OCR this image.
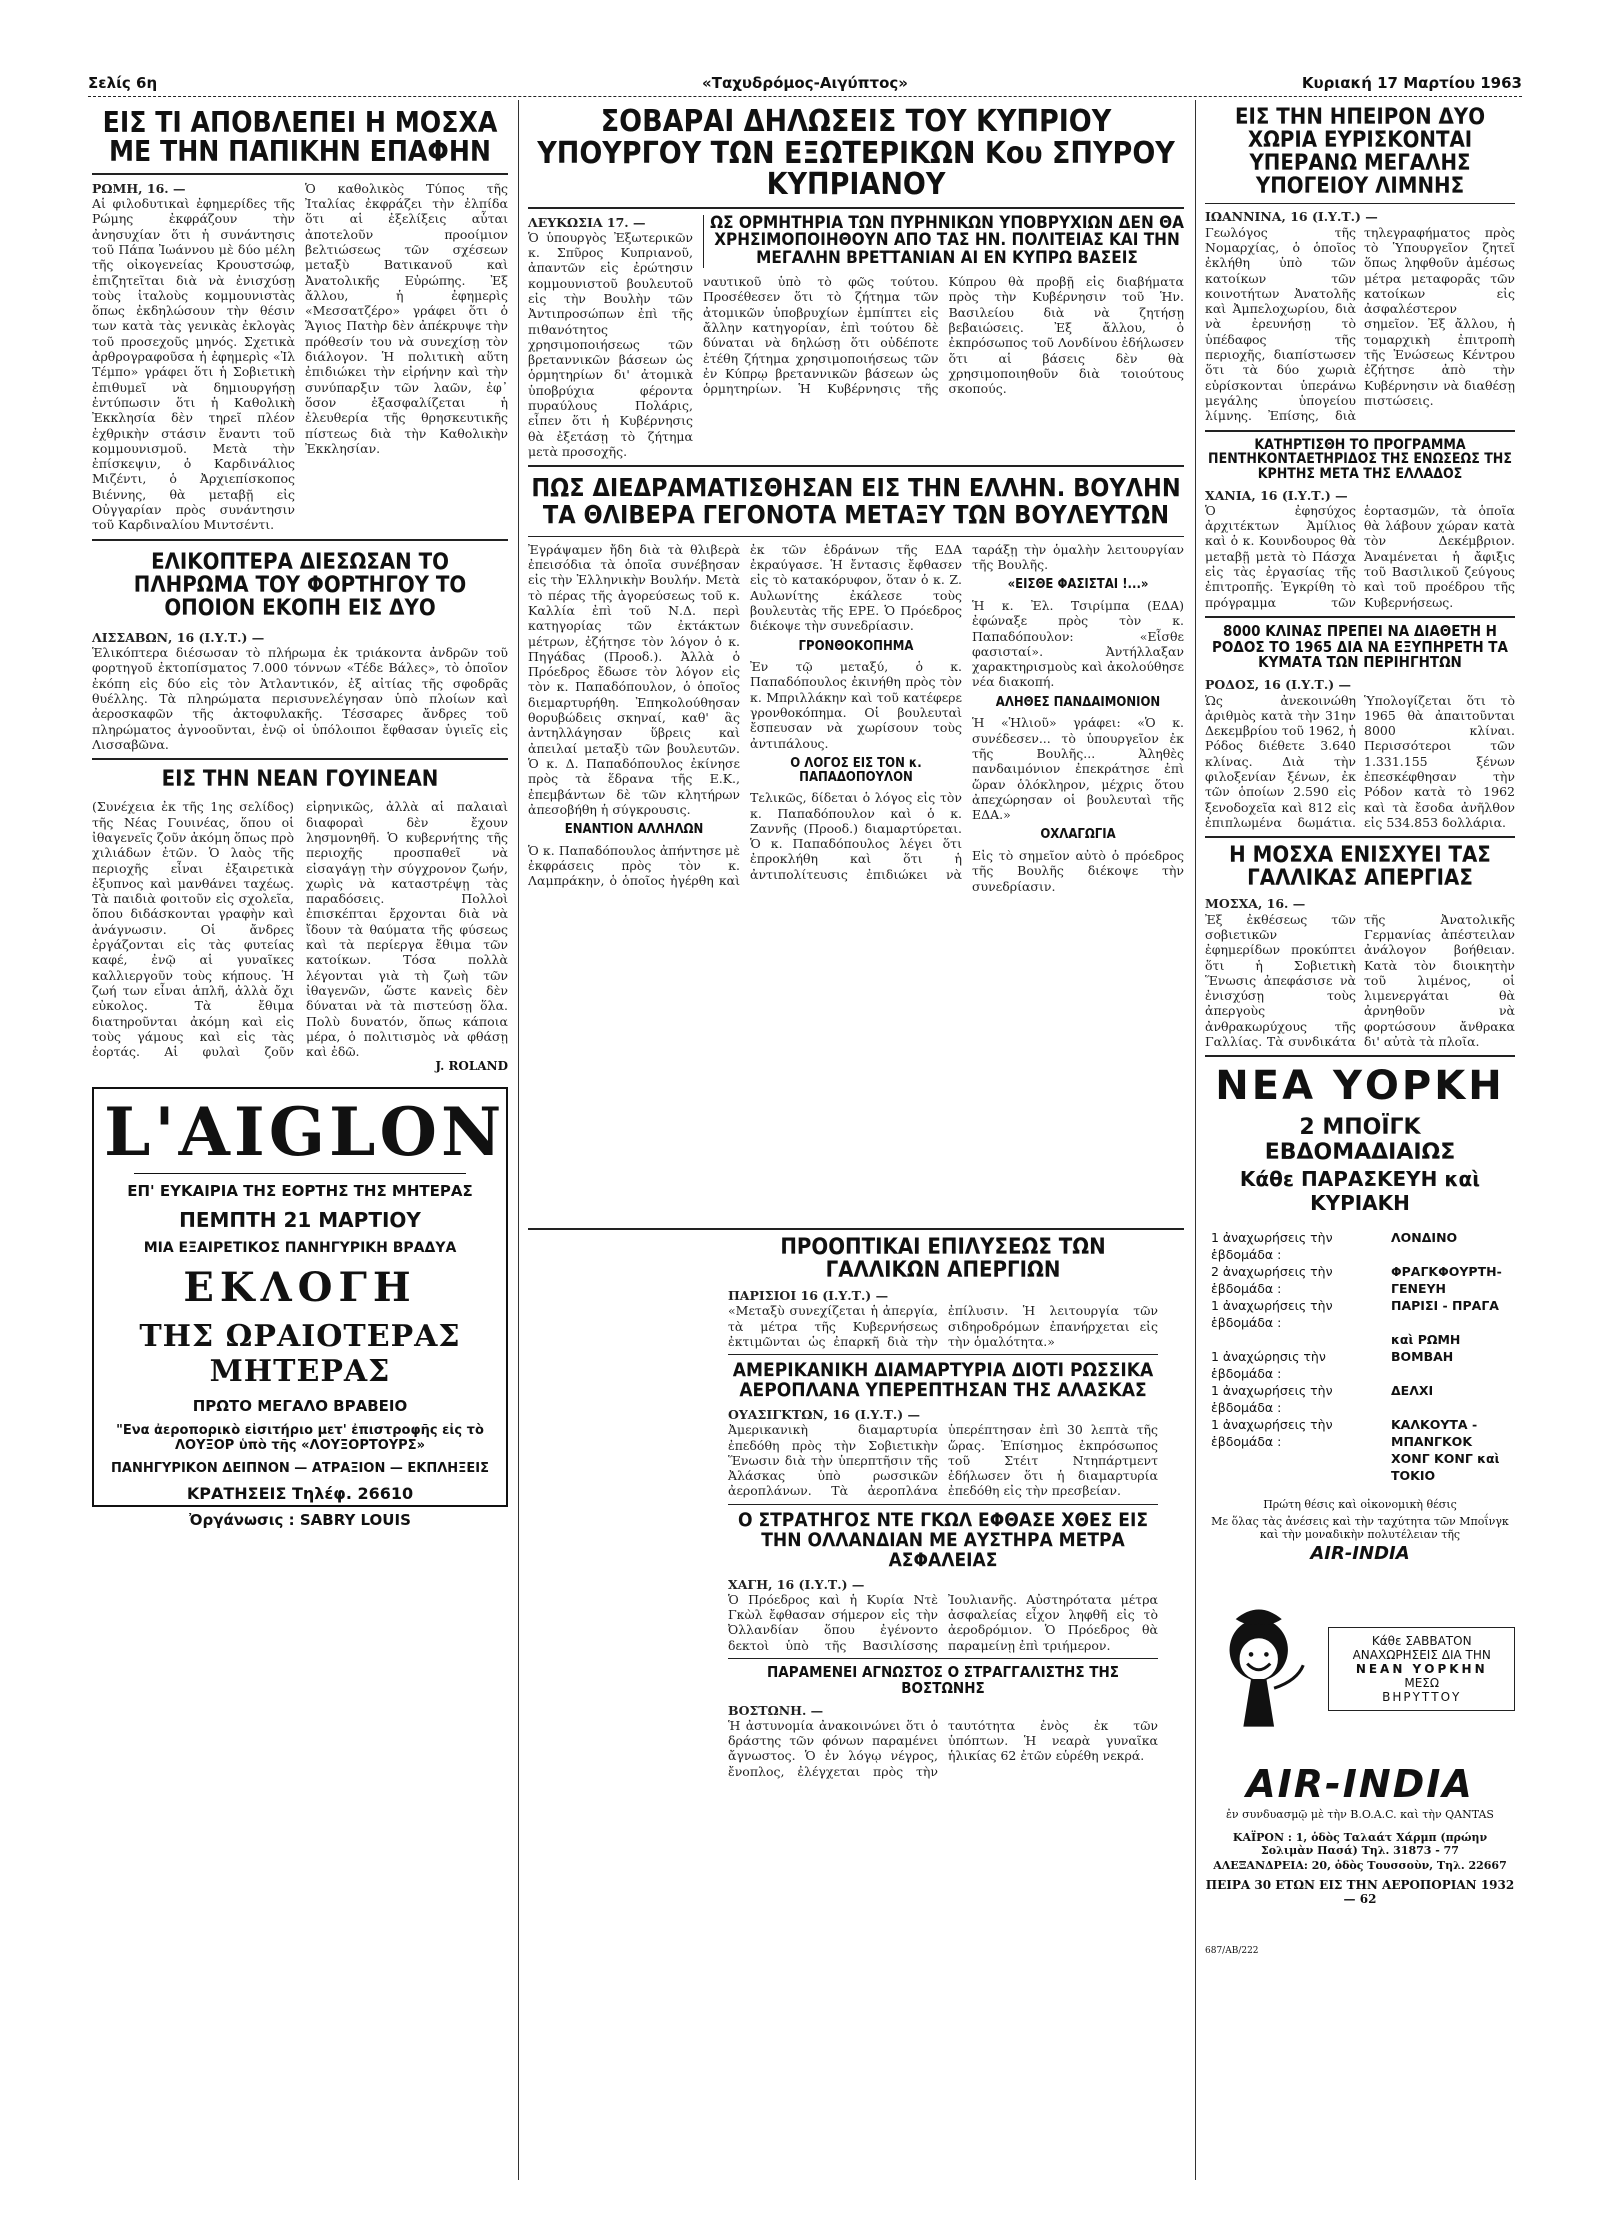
Σελίς 6η	«Ταχυδρόμος-Αιγύπτος»	Κυριακή 17 Μαρτίου 1963
ΕΙΣ ΤΙ ΑΠΟΒΛΕΠΕΙ Η ΜΟΣΧΑ ΜΕ ΤΗΝ ΠΑΠΙΚΗΝ ΕΠΑΦΗΝ

ΡΩΜΗ, 16. —

Αἱ φιλοδυτικαὶ ἐφημερίδες τῆς Ρώμης ἐκφράζουν τὴν ἀνησυχίαν ὅτι ἡ συνάντησις τοῦ Πάπα Ἰωάννου μὲ δύο μέλη τῆς οἰκογενείας Κρουστσώφ, ἐπιζητεῖται διὰ νὰ ἐνισχύσῃ τοὺς ἰταλοὺς κομμουνιστὰς ὅπως ἐκδηλώσουν τὴν θέσιν των κατὰ τὰς γενικὰς ἐκλογὰς τοῦ προσεχοῦς μηνός. Σχετικὰ ἀρθρογραφοῦσα ἡ ἐφημερὶς «Ἰλ Τέμπο» γράφει ὅτι ἡ Σοβιετικὴ ἐπιθυμεῖ νὰ δημιουργήσῃ ἐντύπωσιν ὅτι ἡ Καθολικὴ Ἐκκλησία δὲν τηρεῖ πλέον ἐχθρικὴν στάσιν ἔναντι τοῦ κομμουνισμοῦ. Μετὰ τὴν ἐπίσκεψιν, ὁ Καρδινάλιος Μιζέντι, ὁ Ἀρχιεπίσκοπος Βιέννης, θὰ μεταβῇ εἰς Οὐγγαρίαν πρὸς συνάντησιν τοῦ Καρδιναλίου Μιντσέντι.

Ὁ καθολικὸς Τύπος τῆς Ἰταλίας ἐκφράζει τὴν ἐλπίδα ὅτι αἱ ἐξελίξεις αὗται ἀποτελοῦν προοίμιον βελτιώσεως τῶν σχέσεων μεταξὺ Βατικανοῦ καὶ Ἀνατολικῆς Εὐρώπης. Ἐξ ἄλλου, ἡ ἐφημερὶς «Μεσσατζέρο» γράφει ὅτι ὁ Ἅγιος Πατὴρ δὲν ἀπέκρυψε τὴν πρόθεσίν του νὰ συνεχίσῃ τὸν διάλογον. Ἡ πολιτικὴ αὕτη ἐπιδιώκει τὴν εἰρήνην καὶ τὴν συνύπαρξιν τῶν λαῶν, ἐφ᾽ ὅσον ἐξασφαλίζεται ἡ ἐλευθερία τῆς θρησκευτικῆς πίστεως διὰ τὴν Καθολικὴν Ἐκκλησίαν.

ΕΛΙΚΟΠΤΕΡΑ ΔΙΕΣΩΣΑΝ ΤΟ ΠΛΗΡΩΜΑ ΤΟΥ ΦΟΡΤΗΓΟΥ ΤΟ ΟΠΟΙΟΝ ΕΚΟΠΗ ΕΙΣ ΔΥΟ

ΛΙΣΣΑΒΩΝ, 16 (Ι.Υ.Τ.) —

Ἑλικόπτερα διέσωσαν τὸ πλήρωμα ἐκ τριάκοντα ἀνδρῶν τοῦ φορτηγοῦ ἐκτοπίσματος 7.000 τόννων «Τέδε Βάλες», τὸ ὁποῖον ἐκόπη εἰς δύο εἰς τὸν Ἀτλαντικόν, ἐξ αἰτίας τῆς σφοδρᾶς θυέλλης. Τὰ πληρώματα περισυνελέγησαν ὑπὸ πλοίων καὶ ἀεροσκαφῶν τῆς ἀκτοφυλακῆς. Τέσσαρες ἄνδρες τοῦ πληρώματος ἀγνοοῦνται, ἐνῷ οἱ ὑπόλοιποι ἔφθασαν ὑγιεῖς εἰς Λισσαβῶνα.

ΕΙΣ ΤΗΝ ΝΕΑΝ ΓΟΥΙΝΕΑΝ

(Συνέχεια ἐκ τῆς 1ης σελίδος) τῆς Νέας Γουινέας, ὅπου οἱ ἰθαγενεῖς ζοῦν ἀκόμη ὅπως πρὸ χιλιάδων ἐτῶν. Ὁ λαὸς τῆς περιοχῆς εἶναι ἐξαιρετικὰ ἐξυπνος καὶ μανθάνει ταχέως. Τὰ παιδιὰ φοιτοῦν εἰς σχολεῖα, ὅπου διδάσκονται γραφὴν καὶ ἀνάγνωσιν. Οἱ ἄνδρες ἐργάζονται εἰς τὰς φυτείας καφέ, ἐνῷ αἱ γυναῖκες καλλιεργοῦν τοὺς κήπους. Ἡ ζωή των εἶναι ἁπλῆ, ἀλλὰ ὄχι εὐκολος. Τὰ ἔθιμα διατηροῦνται ἀκόμη καὶ εἰς τοὺς γάμους καὶ εἰς τὰς ἑορτάς. Αἱ φυλαὶ ζοῦν εἰρηνικῶς, ἀλλὰ αἱ παλαιαὶ διαφοραὶ δὲν ἔχουν λησμονηθῆ. Ὁ κυβερνήτης τῆς περιοχῆς προσπαθεῖ νὰ εἰσαγάγῃ τὴν σύγχρονον ζωήν, χωρὶς νὰ καταστρέψῃ τὰς παραδόσεις. Πολλοὶ ἐπισκέπται ἔρχονται διὰ νὰ ἴδουν τὰ θαύματα τῆς φύσεως καὶ τὰ περίεργα ἔθιμα τῶν κατοίκων. Τόσα πολλὰ λέγονται γιὰ τὴ ζωὴ τῶν ἰθαγενῶν, ὥστε κανεὶς δὲν δύναται νὰ τὰ πιστεύσῃ ὅλα. Πολὺ δυνατόν, ὅπως κάποια μέρα, ὁ πολιτισμὸς νὰ φθάσῃ καὶ ἐδῶ.

J. ROLAND
L'AIGLON
ΕΠ' ΕΥΚΑΙΡΙΑ ΤΗΣ ΕΟΡΤΗΣ ΤΗΣ ΜΗΤΕΡΑΣ
ΠΕΜΠΤΗ 21 ΜΑΡΤΙΟΥ
ΜΙΑ ΕΞΑΙΡΕΤΙΚΟΣ ΠΑΝΗΓΥΡΙΚΗ ΒΡΑΔΥΑ
ΕΚΛΟΓΗ
ΤΗΣ ΩΡΑΙΟΤΕΡΑΣ ΜΗΤΕΡΑΣ
ΠΡΩΤΟ ΜΕΓΑΛΟ ΒΡΑΒΕΙΟ
"Ενα ἀεροπορικὸ εἰσιτήριο μετ' ἐπιστροφῆς εἰς τὸ ΛΟΥΞΟΡ ὑπὸ τῆς «ΛΟΥΞΟΡΤΟΥΡΣ»
ΠΑΝΗΓΥΡΙΚΟΝ ΔΕΙΠΝΟΝ — ΑΤΡΑΞΙΟΝ — ΕΚΠΛΗΞΕΙΣ
ΚΡΑΤΗΣΕΙΣ Τηλέφ. 26610
Ὀργάνωσις : SABRY LOUIS
ΣΟΒΑΡΑΙ ΔΗΛΩΣΕΙΣ ΤΟΥ ΚΥΠΡΙΟΥ ΥΠΟΥΡΓΟΥ ΤΩΝ ΕΞΩΤΕΡΙΚΩΝ Κου ΣΠΥΡΟΥ ΚΥΠΡΙΑΝΟΥ

ΛΕΥΚΩΣΙΑ 17. —

Ὁ ὑπουργὸς Ἐξωτερικῶν κ. Σπῦρος Κυπριανοῦ, ἀπαντῶν εἰς ἐρώτησιν κομμουνιστοῦ βουλευτοῦ εἰς τὴν Βουλὴν τῶν Ἀντιπροσώπων ἐπὶ τῆς πιθανότητος χρησιμοποιήσεως τῶν βρεταννικῶν βάσεων ὡς ὁρμητηρίων δι' ἀτομικὰ ὑποβρύχια φέροντα πυραύλους Πολάρις, εἶπεν ὅτι ἡ Κυβέρνησις θὰ ἐξετάσῃ τὸ ζήτημα μετὰ προσοχῆς.

ΩΣ ΟΡΜΗΤΗΡΙΑ ΤΩΝ ΠΥΡΗΝΙΚΩΝ ΥΠΟΒΡΥΧΙΩΝ ΔΕΝ ΘΑ ΧΡΗΣΙΜΟΠΟΙΗΘΟΥΝ ΑΠΟ ΤΑΣ ΗΝ. ΠΟΛΙΤΕΙΑΣ ΚΑΙ ΤΗΝ ΜΕΓΑΛΗΝ ΒΡΕΤΤΑΝΙΑΝ ΑΙ ΕΝ ΚΥΠΡΩ ΒΑΣΕΙΣ

ναυτικοῦ ὑπὸ τὸ φῶς τούτου. Προσέθεσεν ὅτι τὸ ζήτημα τῶν ἀτομικῶν ὑποβρυχίων ἐμπίπτει εἰς ἄλλην κατηγορίαν, ἐπὶ τούτου δὲ δύναται νὰ δηλώσῃ ὅτι οὐδέποτε ἐτέθη ζήτημα χρησιμοποιήσεως τῶν ἐν Κύπρῳ βρεταννικῶν βάσεων ὡς ὁρμητηρίων. Ἡ Κυβέρνησις τῆς Κύπρου θὰ προβῇ εἰς διαβήματα πρὸς τὴν Κυβέρνησιν τοῦ Ἡν. Βασιλείου διὰ νὰ ζητήσῃ βεβαιώσεις. Ἐξ ἄλλου, ὁ ἐκπρόσωπος τοῦ Λονδίνου ἐδήλωσεν ὅτι αἱ βάσεις δὲν θὰ χρησιμοποιηθοῦν διὰ τοιούτους σκοπούς.

ΠΩΣ ΔΙΕΔΡΑΜΑΤΙΣΘΗΣΑΝ ΕΙΣ ΤΗΝ ΕΛΛΗΝ. ΒΟΥΛΗΝ ΤΑ ΘΛΙΒΕΡΑ ΓΕΓΟΝΟΤΑ ΜΕΤΑΞΥ ΤΩΝ ΒΟΥΛΕΥΤΩΝ

Ἐγράψαμεν ἤδη διὰ τὰ θλιβερὰ ἐπεισόδια τὰ ὁποῖα συνέβησαν εἰς τὴν Ἑλληνικὴν Βουλήν. Μετὰ τὸ πέρας τῆς ἀγορεύσεως τοῦ κ. Καλλία ἐπὶ τοῦ Ν.Δ. περὶ κατηγορίας τῶν ἐκτάκτων μέτρων, ἐζήτησε τὸν λόγον ὁ κ. Πηγάδας (Προοδ.). Ἀλλὰ ὁ Πρόεδρος ἔδωσε τὸν λόγον εἰς τὸν κ. Παπαδόπουλον, ὁ ὁποῖος διεμαρτυρήθη. Ἐπηκολούθησαν θορυβώδεις σκηναί, καθ' ἃς ἀντηλλάγησαν ὕβρεις καὶ ἀπειλαί μεταξὺ τῶν βουλευτῶν. Ὁ κ. Δ. Παπαδόπουλος ἐκίνησε πρὸς τὰ ἕδρανα τῆς Ε.Κ., ἐπεμβάντων δὲ τῶν κλητήρων ἀπεσοβήθη ἡ σύγκρουσις.

ΕΝΑΝΤΙΟΝ ΑΛΛΗΛΩΝ

Ὁ κ. Παπαδόπουλος ἀπήντησε μὲ ἐκφράσεις πρὸς τὸν κ. Λαμπράκην, ὁ ὁποῖος ἠγέρθη καὶ ἐκ τῶν ἑδράνων τῆς ΕΔΑ ἐκραύγασε. Ἡ ἔντασις ἔφθασεν εἰς τὸ κατακόρυφον, ὅταν ὁ κ. Ζ. Αυλωνίτης ἐκάλεσε τοὺς βουλευτὰς τῆς ΕΡΕ. Ὁ Πρόεδρος διέκοψε τὴν συνεδρίασιν.

ΓΡΟΝΘΟΚΟΠΗΜΑ

Ἐν τῷ μεταξύ, ὁ κ. Παπαδόπουλος ἐκινήθη πρὸς τὸν κ. Μπριλλάκην καὶ τοῦ κατέφερε γρονθοκόπημα. Οἱ βουλευταὶ ἔσπευσαν νὰ χωρίσουν τοὺς ἀντιπάλους.

Ο ΛΟΓΟΣ ΕΙΣ ΤΟΝ κ. ΠΑΠΑΔΟΠΟΥΛΟΝ

Τελικῶς, δίδεται ὁ λόγος εἰς τὸν κ. Παπαδόπουλον καὶ ὁ κ. Ζαννῆς (Προοδ.) διαμαρτύρεται. Ὁ κ. Παπαδόπουλος λέγει ὅτι ἐπροκλήθη καὶ ὅτι ἡ ἀντιπολίτευσις ἐπιδιώκει νὰ ταράξῃ τὴν ὁμαλὴν λειτουργίαν τῆς Βουλῆς.

«ΕΙΣΘΕ ΦΑΣΙΣΤΑΙ !...»

Ἡ κ. Ἐλ. Τσιρίμπα (ΕΔΑ) ἐφώναξε πρὸς τὸν κ. Παπαδόπουλον: «Εἶσθε φασισταί». Ἀντήλλαξαν χαρακτηρισμοὺς καὶ ἀκολούθησε νέα διακοπή.

ΑΛΗΘΕΣ ΠΑΝΔΑΙΜΟΝΙΟΝ

Ἡ «Ἡλιοῦ» γράφει: «Ὁ κ. συνέδεσεν... τὸ ὑπουργεῖον ἐκ τῆς Βουλῆς... Ἀληθὲς πανδαιμόνιον ἐπεκράτησε ἐπὶ ὥραν ὁλόκληρον, μέχρις ὅτου ἀπεχώρησαν οἱ βουλευταὶ τῆς ΕΔΑ.»

ΟΧΛΑΓΩΓΙΑ

Εἰς τὸ σημεῖον αὐτὸ ὁ πρόεδρος τῆς Βουλῆς διέκοψε τὴν συνεδρίασιν.

ΠΡΟΟΠΤΙΚΑΙ ΕΠΙΛΥΣΕΩΣ ΤΩΝ ΓΑΛΛΙΚΩΝ ΑΠΕΡΓΙΩΝ

ΠΑΡΙΣΙΟΙ 16 (Ι.Υ.Τ.) —

«Μεταξὺ συνεχίζεται ἡ ἀπεργία, τὰ μέτρα τῆς Κυβερνήσεως ἐκτιμῶνται ὡς ἐπαρκῆ διὰ τὴν ἐπίλυσιν. Ἡ λειτουργία τῶν σιδηροδρόμων ἐπανήρχεται εἰς τὴν ὁμαλότητα.»

ΑΜΕΡΙΚΑΝΙΚΗ ΔΙΑΜΑΡΤΥΡΙΑ ΔΙΟΤΙ ΡΩΣΣΙΚΑ ΑΕΡΟΠΛΑΝΑ ΥΠΕΡΕΠΤΗΣΑΝ ΤΗΣ ΑΛΑΣΚΑΣ

ΟΥΑΣΙΓΚΤΩΝ, 16 (Ι.Υ.Τ.) —

Ἀμερικανικὴ διαμαρτυρία ἐπεδόθη πρὸς τὴν Σοβιετικὴν Ἕνωσιν διὰ τὴν ὑπερπτῆσιν τῆς Ἀλάσκας ὑπὸ ρωσσικῶν ἀεροπλάνων. Τὰ ἀεροπλάνα ὑπερέπτησαν ἐπὶ 30 λεπτὰ τῆς ὥρας. Ἐπίσημος ἐκπρόσωπος τοῦ Στέιτ Ντηπάρτμεντ ἐδήλωσεν ὅτι ἡ διαμαρτυρία ἐπεδόθη εἰς τὴν πρεσβείαν.

Ο ΣΤΡΑΤΗΓΟΣ ΝΤΕ ΓΚΩΛ ΕΦΘΑΣΕ ΧΘΕΣ ΕΙΣ ΤΗΝ ΟΛΛΑΝΔΙΑΝ ΜΕ ΑΥΣΤΗΡΑ ΜΕΤΡΑ ΑΣΦΑΛΕΙΑΣ

ΧΑΓΗ, 16 (Ι.Υ.Τ.) —

Ὁ Πρόεδρος καὶ ἡ Κυρία Ντὲ Γκὼλ ἔφθασαν σήμερον εἰς τὴν Ὀλλανδίαν ὅπου ἐγένοντο δεκτοὶ ὑπὸ τῆς Βασιλίσσης Ἰουλιανῆς. Αὐστηρότατα μέτρα ἀσφαλείας εἶχον ληφθῆ εἰς τὸ ἀεροδρόμιον. Ὁ Πρόεδρος θὰ παραμείνῃ ἐπὶ τριήμερον.

ΠΑΡΑΜΕΝΕΙ ΑΓΝΩΣΤΟΣ Ο ΣΤΡΑΓΓΑΛΙΣΤΗΣ ΤΗΣ ΒΟΣΤΩΝΗΣ

ΒΟΣΤΩΝΗ. —

Ἡ ἀστυνομία ἀνακοινώνει ὅτι ὁ δράστης τῶν φόνων παραμένει ἄγνωστος. Ὁ ἐν λόγῳ νέγρος, ἔνοπλος, ἐλέγχεται πρὸς τὴν ταυτότητα ἐνὸς ἐκ τῶν ὑπόπτων. Ἡ νεαρὰ γυναῖκα ἡλικίας 62 ἐτῶν εὑρέθη νεκρά.

ΕΙΣ ΤΗΝ ΗΠΕΙΡΟΝ ΔΥΟ ΧΩΡΙΑ ΕΥΡΙΣΚΟΝΤΑΙ ΥΠΕΡΑΝΩ ΜΕΓΑΛΗΣ ΥΠΟΓΕΙΟΥ ΛΙΜΝΗΣ

ΙΩΑΝΝΙΝΑ, 16 (Ι.Υ.Τ.) —

Γεωλόγος τῆς Νομαρχίας, ὁ ὁποῖος ἐκλήθη ὑπὸ τῶν κατοίκων τῶν κοινοτήτων Ἀνατολῆς καὶ Ἀμπελοχωρίου, διὰ νὰ ἐρευνήσῃ τὸ ὑπέδαφος τῆς περιοχῆς, διαπίστωσεν ὅτι τὰ δύο χωριὰ εὑρίσκονται ὑπεράνω μεγάλης ὑπογείου λίμνης. Ἐπίσης, διὰ τηλεγραφήματος πρὸς τὸ Ὑπουργεῖον ζητεῖ ὅπως ληφθοῦν ἀμέσως μέτρα μεταφορᾶς τῶν κατοίκων εἰς ἀσφαλέστερον σημεῖον. Ἐξ ἄλλου, ἡ τομαρχικὴ ἐπιτροπὴ τῆς Ἑνώσεως Κέντρου ἐζήτησε ἀπὸ τὴν Κυβέρνησιν νὰ διαθέσῃ πιστώσεις.

ΚΑΤΗΡΤΙΣΘΗ ΤΟ ΠΡΟΓΡΑΜΜΑ ΠΕΝΤΗΚΟΝΤΑΕΤΗΡΙΔΟΣ ΤΗΣ ΕΝΩΣΕΩΣ ΤΗΣ ΚΡΗΤΗΣ ΜΕΤΑ ΤΗΣ ΕΛΛΑΔΟΣ

ΧΑΝΙΑ, 16 (Ι.Υ.Τ.) —

Ὁ ἐφησύχος ἀρχιτέκτων Ἀμίλιος καὶ ὁ κ. Κουνδουρος θὰ μεταβῇ μετὰ τὸ Πάσχα εἰς τὰς ἐργασίας τῆς ἐπιτροπῆς. Ἐγκρίθη τὸ πρόγραμμα τῶν ἑορτασμῶν, τὰ ὁποῖα θὰ λάβουν χώραν κατὰ τὸν Δεκέμβριον. Ἀναμένεται ἡ ἄφιξις τοῦ Βασιλικοῦ ζεύγους καὶ τοῦ προέδρου τῆς Κυβερνήσεως.

8000 ΚΛΙΝΑΣ ΠΡΕΠΕΙ ΝΑ ΔΙΑΘΕΤΗ Η ΡΟΔΟΣ ΤΟ 1965 ΔΙΑ ΝΑ ΕΞΥΠΗΡΕΤΗ ΤΑ ΚΥΜΑΤΑ ΤΩΝ ΠΕΡΙΗΓΗΤΩΝ

ΡΟΔΟΣ, 16 (Ι.Υ.Τ.) —

Ὡς ἀνεκοινώθη ἀριθμὸς κατὰ τὴν 31ην Δεκεμβρίου τοῦ 1962, ἡ Ρόδος διέθετε 3.640 κλίνας. Διὰ τὴν φιλοξενίαν ξένων, ἐκ τῶν ὁποίων 2.590 εἰς ξενοδοχεῖα καὶ 812 εἰς ἐπιπλωμένα δωμάτια. Ὑπολογίζεται ὅτι τὸ 1965 θὰ ἀπαιτοῦνται 8000 κλίναι. Περισσότεροι τῶν 1.331.155 ξένων ἐπεσκέφθησαν τὴν Ρόδον κατὰ τὸ 1962 καὶ τὰ ἔσοδα ἀνῆλθον εἰς 534.853 δολλάρια.

Η ΜΟΣΧΑ ΕΝΙΣΧΥΕΙ ΤΑΣ ΓΑΛΛΙΚΑΣ ΑΠΕΡΓΙΑΣ

ΜΟΣΧΑ, 16. —

Ἐξ ἐκθέσεως τῶν σοβιετικῶν ἐφημερίδων προκύπτει ὅτι ἡ Σοβιετικὴ Ἕνωσις ἀπεφάσισε νὰ ἐνισχύσῃ τοὺς ἀπεργοὺς ἀνθρακωρύχους τῆς Γαλλίας. Τὰ συνδικάτα τῆς Ἀνατολικῆς Γερμανίας ἀπέστειλαν ἀνάλογον βοήθειαν. Κατὰ τὸν διοικητὴν τοῦ λιμένος, οἱ λιμενεργάται θὰ ἀρνηθοῦν νὰ φορτώσουν ἄνθρακα δι' αὐτὰ τὰ πλοῖα.

ΝΕΑ ΥΟΡΚΗ
2 ΜΠΟΪΓΚ ΕΒΔΟΜΑΔΙΑΙΩΣ
Κάθε ΠΑΡΑΣΚΕΥΗ καὶ ΚΥΡΙΑΚΗ
1 ἀναχωρήσεις τὴν ἑβδομάδα :
ΛΟΝΔΙΝΟ
2 ἀναχωρήσεις τὴν ἑβδομάδα :
ΦΡΑΓΚΦΟΥΡΤΗ-ΓΕΝΕΥΗ
1 ἀναχωρήσεις τὴν ἑβδομάδα :
ΠΑΡΙΣΙ - ΠΡΑΓΑ
καὶ ΡΩΜΗ
1 ἀναχώρησις τὴν ἑβδομάδα :
ΒΟΜΒΑΗ
1 ἀναχωρήσεις τὴν ἑβδομάδα :
ΔΕΛΧΙ
1 ἀναχωρήσεις τὴν ἑβδομάδα :
ΚΑΛΚΟΥΤΑ - ΜΠΑΝΓΚΟΚ
ΧΟΝΓ ΚΟΝΓ καὶ ΤΟΚΙΟ
Πρώτη θέσις καὶ οἰκονομικὴ θέσις
Με ὅλας τὰς ἀνέσεις καὶ τὴν ταχύτητα τῶν Μποΐνγκ καὶ τὴν μοναδικὴν πολυτέλειαν τῆς
AIR-INDIA
Κάθε ΣΑΒΒΑΤΟΝ
ΑΝΑΧΩΡΗΣΕΙΣ ΔΙΑ ΤΗΝ
ΝΕΑΝ ΥΟΡΚΗΝ
ΜΕΣΩ
ΒΗΡΥΤΤΟΥ
AIR-INDIA
ἐν συνδυασμῷ μὲ τὴν B.O.A.C. καὶ τὴν QANTAS
ΚΑΪΡΟΝ : 1, ὁδὸς Ταλαάτ Χάρμπ (πρώην Σολιμὰν Πασά) Τηλ. 31873 - 77
ΑΛΕΞΑΝΔΡΕΙΑ: 20, ὁδὸς Τουσσοὺν, Τηλ. 22667
ΠΕΙΡΑ 30 ΕΤΩΝ ΕΙΣ ΤΗΝ ΑΕΡΟΠΟΡΙΑΝ 1932 — 62
687/AB/222
